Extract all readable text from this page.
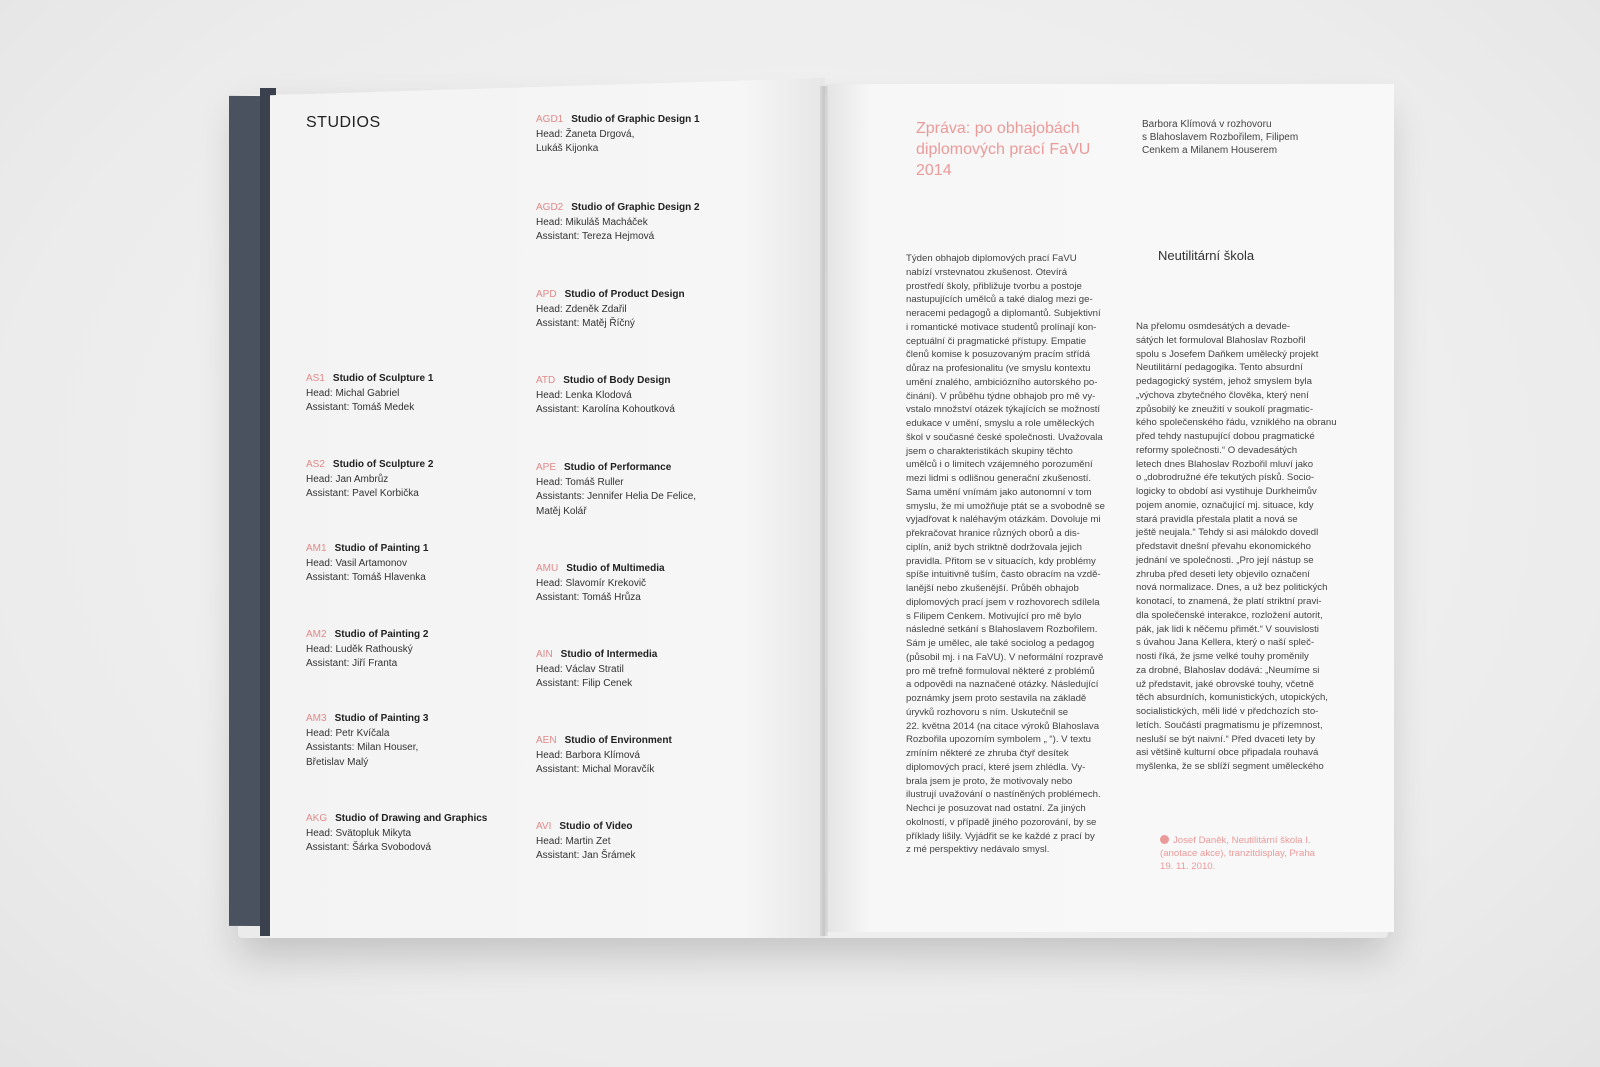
STUDIOS
AS1 Studio of Sculpture 1
Head: Michal Gabriel
Assistant: Tomáš Medek
AS2 Studio of Sculpture 2
Head: Jan Ambrůz
Assistant: Pavel Korbička
AM1 Studio of Painting 1
Head: Vasil Artamonov
Assistant: Tomáš Hlavenka
AM2 Studio of Painting 2
Head: Luděk Rathouský
Assistant: Jiří Franta
AM3 Studio of Painting 3
Head: Petr Kvíčala
Assistants: Milan Houser,
Břetislav Malý
AKG Studio of Drawing and Graphics
Head: Svätopluk Mikyta
Assistant: Šárka Svobodová
AGD1 Studio of Graphic Design 1
Head: Žaneta Drgová,
Lukáš Kijonka
AGD2 Studio of Graphic Design 2
Head: Mikuláš Macháček
Assistant: Tereza Hejmová
APD Studio of Product Design
Head: Zdeněk Zdařil
Assistant: Matěj Říčný
ATD Studio of Body Design
Head: Lenka Klodová
Assistant: Karolína Kohoutková
APE Studio of Performance
Head: Tomáš Ruller
Assistants: Jennifer Helia De Felice,
Matěj Kolář
AMU Studio of Multimedia
Head: Slavomír Krekovič
Assistant: Tomáš Hrůza
AIN Studio of Intermedia
Head: Václav Stratil
Assistant: Filip Cenek
AEN Studio of Environment
Head: Barbora Klímová
Assistant: Michal Moravčík
AVI Studio of Video
Head: Martin Zet
Assistant: Jan Šrámek
Zpráva: po obhajobách
diplomových prací FaVU
2014
Barbora Klímová v rozhovoru
s Blahoslavem Rozbořilem, Filipem
Cenkem a Milanem Houserem
Neutilitární škola
Týden obhajob diplomových prací FaVU
nabízí vrstevnatou zkušenost. Otevírá
prostředí školy, přibližuje tvorbu a postoje
nastupujících umělců a také dialog mezi ge-
neracemi pedagogů a diplomantů. Subjektivní
i romantické motivace studentů prolínají kon-
ceptuální či pragmatické přístupy. Empatie
členů komise k posuzovaným pracím střídá
důraz na profesionalitu (ve smyslu kontextu
umění znalého, ambiciózního autorského po-
činání). V průběhu týdne obhajob pro mě vy-
vstalo množství otázek týkajících se možností
edukace v umění, smyslu a role uměleckých
škol v současné české společnosti. Uvažovala
jsem o charakteristikách skupiny těchto
umělců i o limitech vzájemného porozumění
mezi lidmi s odlišnou generační zkušeností.
Sama umění vnímám jako autonomní v tom
smyslu, že mi umožňuje ptát se a svobodně se
vyjadřovat k naléhavým otázkám. Dovoluje mi
překračovat hranice různých oborů a dis-
ciplín, aniž bych striktně dodržovala jejich
pravidla. Přitom se v situacích, kdy problémy
spíše intuitivně tuším, často obracím na vzdě-
lanější nebo zkušenější. Průběh obhajob
diplomových prací jsem v rozhovorech sdílela
s Filipem Cenkem. Motivující pro mě bylo
následné setkání s Blahoslavem Rozbořilem.
Sám je umělec, ale také sociolog a pedagog
(působil mj. i na FaVU). V neformální rozpravě
pro mě trefně formuloval některé z problémů
a odpovědi na naznačené otázky. Následující
poznámky jsem proto sestavila na základě
úryvků rozhovoru s ním. Uskutečnil se
22. května 2014 (na citace výroků Blahoslava
Rozbořila upozorním symbolem „ “). V textu
zmíním některé ze zhruba čtyř desítek
diplomových prací, které jsem zhlédla. Vy-
brala jsem je proto, že motivovaly nebo
ilustrují uvažování o nastíněných problémech.
Nechci je posuzovat nad ostatní. Za jiných
okolností, v případě jiného pozorování, by se
příklady lišily. Vyjádřit se ke každé z prací by
z mé perspektivy nedávalo smysl.
Na přelomu osmdesátých a devade-
sátých let formuloval Blahoslav Rozbořil
spolu s Josefem Daňkem umělecký projekt
Neutilitární pedagogika. Tento absurdní
pedagogický systém, jehož smyslem byla
„výchova zbytečného člověka, který není
způsobilý ke zneužití v soukolí pragmatic-
kého společenského řádu, vzniklého na obranu
před tehdy nastupující dobou pragmatické
reformy společnosti.“ O devadesátých
letech dnes Blahoslav Rozbořil mluví jako
o „dobrodružné éře tekutých písků. Socio-
logicky to období asi vystihuje Durkheimův
pojem anomie, označující mj. situace, kdy
stará pravidla přestala platit a nová se
ještě neujala.“ Tehdy si asi málokdo dovedl
představit dnešní převahu ekonomického
jednání ve společnosti. „Pro její nástup se
zhruba před deseti lety objevilo označení
nová normalizace. Dnes, a už bez politických
konotací, to znamená, že platí striktní pravi-
dla společenské interakce, rozložení autorit,
pák, jak lidi k něčemu přimět.“ V souvislosti
s úvahou Jana Kellera, který o naší spleč-
nosti říká, že jsme velké touhy proměnily
za drobné, Blahoslav dodává: „Neumíme si
už představit, jaké obrovské touhy, včetně
těch absurdních, komunistických, utopických,
socialistických, měli lidé v předchozích sto-
letích. Součástí pragmatismu je přízemnost,
nesluší se být naivní.“ Před dvaceti lety by
asi většině kulturní obce připadala rouhavá
myšlenka, že se sblíží segment uměleckého
Josef Daněk, Neutilitární škola I.
(anotace akce), tranzitdisplay, Praha
19. 11. 2010.
